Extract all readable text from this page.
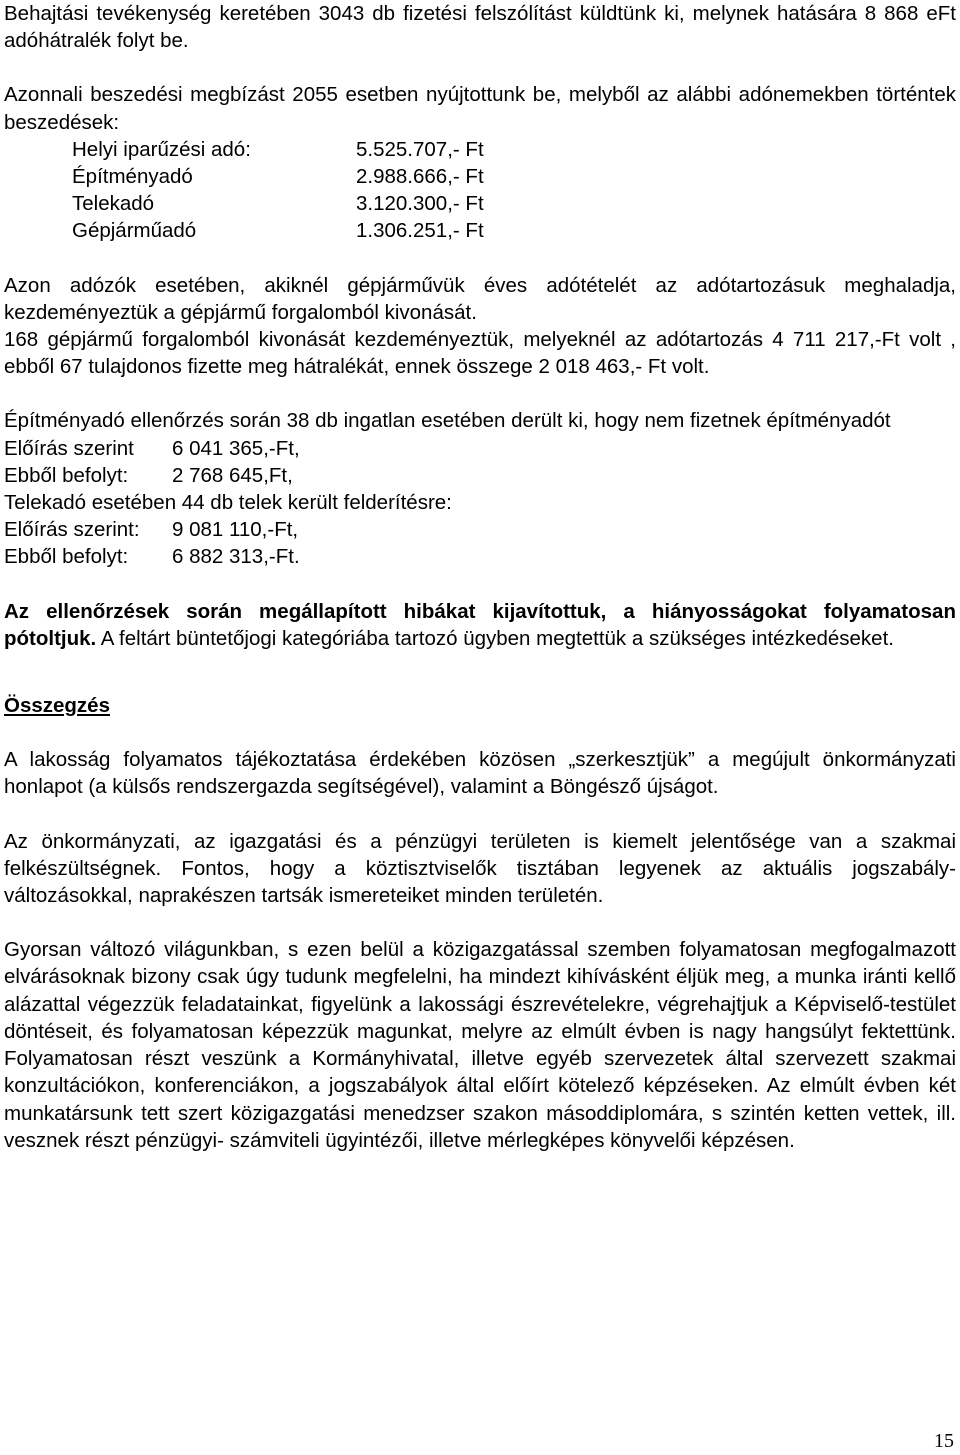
Behajtási tevékenység keretében 3043 db fizetési felszólítást küldtünk ki, melynek hatására 8 868 eFt adóhátralék folyt be.

Azonnali beszedési megbízást 2055 esetben nyújtottunk be, melyből az alábbi adónemekben történtek beszedések:

Helyi iparűzési adó:	5.525.707,- Ft
Építményadó	2.988.666,- Ft
Telekadó	3.120.300,- Ft
Gépjárműadó	1.306.251,- Ft

Azon adózók esetében, akiknél gépjárművük éves adótételét az adótartozásuk meghaladja, kezdeményeztük a gépjármű forgalomból kivonását.

168 gépjármű forgalomból kivonását kezdeményeztük, melyeknél az adótartozás 4 711 217,-Ft volt , ebből 67 tulajdonos fizette meg hátralékát, ennek összege 2 018 463,- Ft volt.

Építményadó ellenőrzés során 38 db ingatlan esetében derült ki, hogy nem fizetnek építményadót

Előírás szerint	6 041 365,-Ft,
Ebből befolyt:	2 768 645,Ft,

Telekadó esetében 44 db telek került felderítésre:

Előírás szerint:	9 081 110,-Ft,
Ebből befolyt:	6 882 313,-Ft.

Az ellenőrzések során megállapított hibákat kijavítottuk, a hiányosságokat folyamatosan pótoltjuk. A feltárt büntetőjogi kategóriába tartozó ügyben megtettük a szükséges intézkedéseket.

Összegzés

A lakosság folyamatos tájékoztatása érdekében közösen „szerkesztjük” a megújult önkormányzati honlapot (a külsős rendszergazda segítségével), valamint a Böngésző újságot.

Az önkormányzati, az igazgatási és a pénzügyi területen is kiemelt jelentősége van a szakmai felkészültségnek. Fontos, hogy a köztisztviselők tisztában legyenek az aktuális jogszabály- változásokkal, naprakészen tartsák ismereteiket minden területén.

Gyorsan változó világunkban, s ezen belül a közigazgatással szemben folyamatosan megfogalmazott elvárásoknak bizony csak úgy tudunk megfelelni, ha mindezt kihívásként éljük meg, a munka iránti kellő alázattal végezzük feladatainkat, figyelünk a lakossági észrevételekre, végrehajtjuk a Képviselő-testület döntéseit, és folyamatosan képezzük magunkat, melyre az elmúlt évben is nagy hangsúlyt fektettünk. Folyamatosan részt veszünk a Kormányhivatal, illetve egyéb szervezetek által szervezett szakmai konzultációkon, konferenciákon, a jogszabályok által előírt kötelező képzéseken. Az elmúlt évben két munkatársunk tett szert közigazgatási menedzser szakon másoddiplomára, s szintén ketten vettek, ill. vesznek részt pénzügyi- számviteli ügyintézői, illetve mérlegképes könyvelői képzésen.

15
